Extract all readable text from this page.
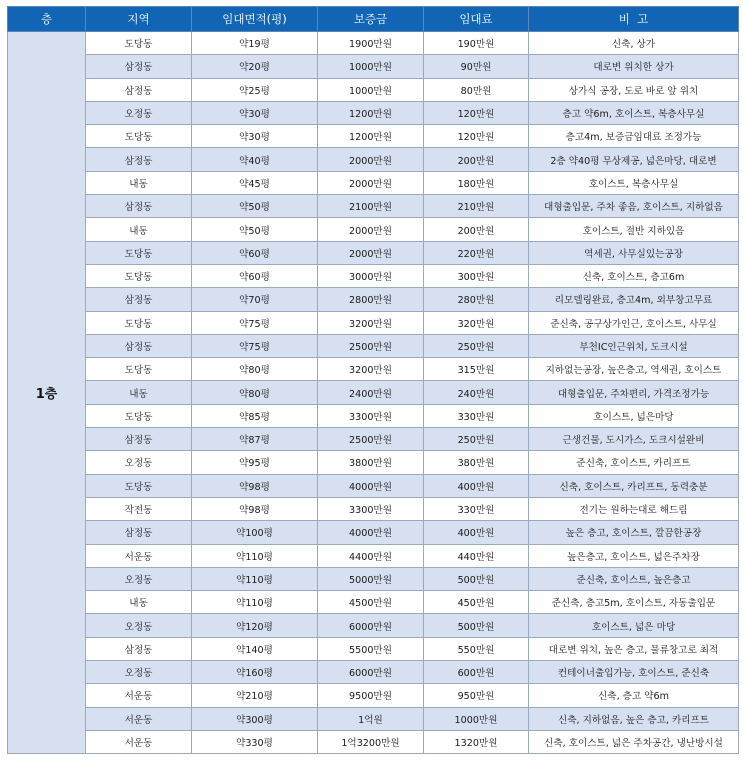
층	지역	임대면적(평)	보증금	임대료	비  고
1층	도당동	약19평	1900만원	190만원	신축, 상가
	삼정동	약20평	1000만원	90만원	대로변 위치한 상가
	삼정동	약25평	1000만원	80만원	상가식 공장, 도로 바로 앞 위치
	오정동	약30평	1200만원	120만원	층고 약6m, 호이스트, 복층사무실
	도당동	약30평	1200만원	120만원	층고4m, 보증금임대료 조정가능
	삼정동	약40평	2000만원	200만원	2층 약40평 무상제공, 넓은마당, 대로변
	내동	약45평	2000만원	180만원	호이스트, 복층사무실
	삼정동	약50평	2100만원	210만원	대형출입문, 주차 좋음, 호이스트, 지하없음
	내동	약50평	2000만원	200만원	호이스트, 절반 지하있음
	도당동	약60평	2000만원	220만원	역세권, 사무실있는공장
	도당동	약60평	3000만원	300만원	신축, 호이스트, 층고6m
	삼정동	약70평	2800만원	280만원	리모델링완료, 층고4m, 외부창고무료
	도당동	약75평	3200만원	320만원	준신축, 공구상가인근, 호이스트, 사무실
	삼정동	약75평	2500만원	250만원	부천IC인근위치, 도크시설
	도당동	약80평	3200만원	315만원	지하없는공장, 높은층고, 역세권, 호이스트
	내동	약80평	2400만원	240만원	대형출입문, 주차편리, 가격조정가능
	도당동	약85평	3300만원	330만원	호이스트, 넓은마당
	삼정동	약87평	2500만원	250만원	근생건물, 도시가스, 도크시설완비
	오정동	약95평	3800만원	380만원	준신축, 호이스트, 카리프트
	도당동	약98평	4000만원	400만원	신축, 호이스트, 카리프트, 동력충분
	작전동	약98평	3300만원	330만원	전기는 원하는대로 해드림
	삼정동	약100평	4000만원	400만원	높은 층고, 호이스트, 깔끔한공장
	서운동	약110평	4400만원	440만원	높은층고, 호이스트, 넓은주차장
	오정동	약110평	5000만원	500만원	준신축, 호이스트, 높은층고
	내동	약110평	4500만원	450만원	준신축, 층고5m, 호이스트, 자동출입문
	오정동	약120평	6000만원	500만원	호이스트, 넓은 마당
	삼정동	약140평	5500만원	550만원	대로변 위치, 높은 층고, 물류창고로 최적
	오정동	약160평	6000만원	600만원	컨테이너출입가능, 호이스트, 준신축
	서운동	약210평	9500만원	950만원	신축, 층고 약6m
	서운동	약300평	1억원	1000만원	신축, 지하없음, 높은 층고, 카리프트
	서운동	약330평	1억3200만원	1320만원	신축, 호이스트, 넓은 주차공간, 냉난방시설
